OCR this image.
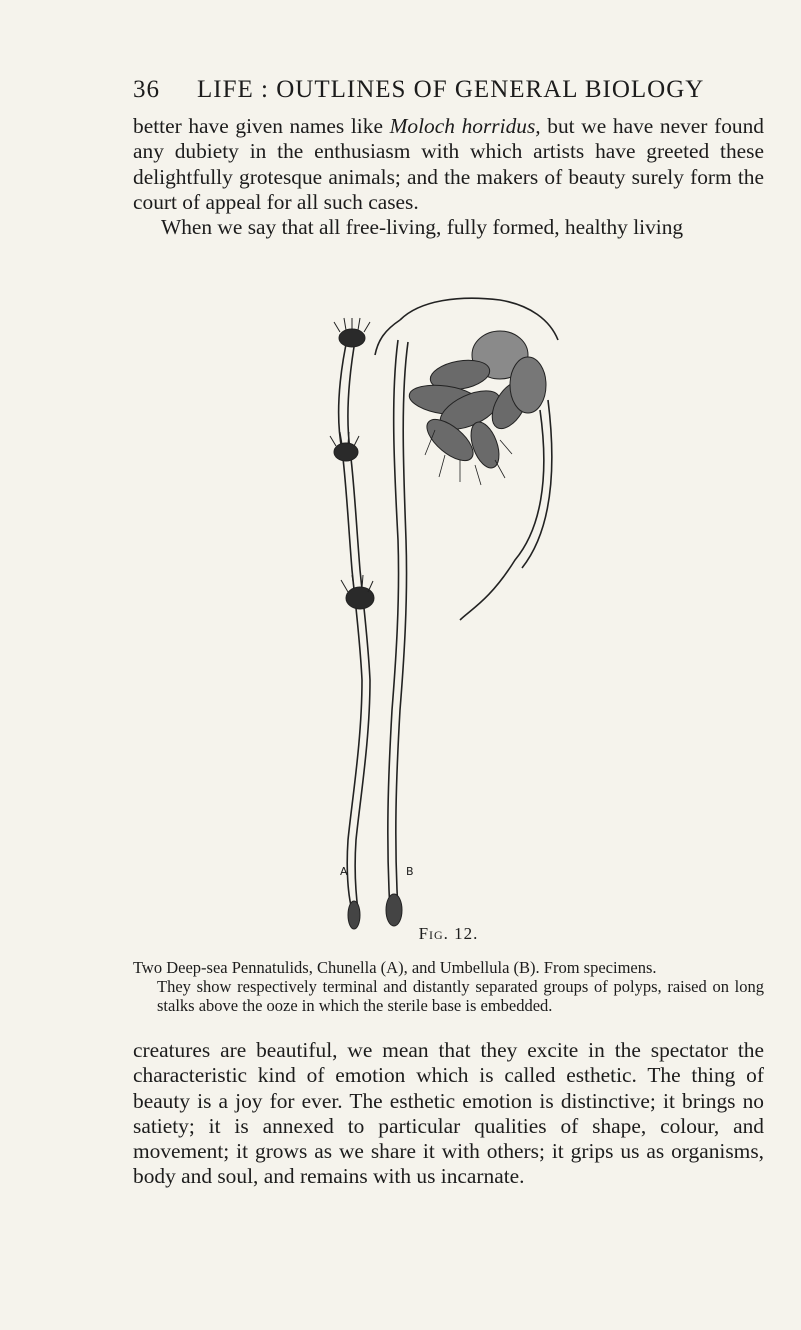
36 LIFE : OUTLINES OF GENERAL BIOLOGY

better have given names like Moloch horridus, but we have never found any dubiety in the enthusiasm with which artists have greeted these delightfully grotesque animals; and the makers of beauty surely form the court of appeal for all such cases.

When we say that all free-living, fully formed, healthy living

A	B
Fig. 12.

Two Deep-sea Pennatulids, Chunella (A), and Umbellula (B). From specimens.
They show respectively terminal and distantly separated groups of polyps, raised on long stalks above the ooze in which the sterile base is embedded.

creatures are beautiful, we mean that they excite in the spectator the characteristic kind of emotion which is called esthetic. The thing of beauty is a joy for ever. The esthetic emotion is distinctive; it brings no satiety; it is annexed to particular qualities of shape, colour, and movement; it grows as we share it with others; it grips us as organisms, body and soul, and remains with us incarnate.
